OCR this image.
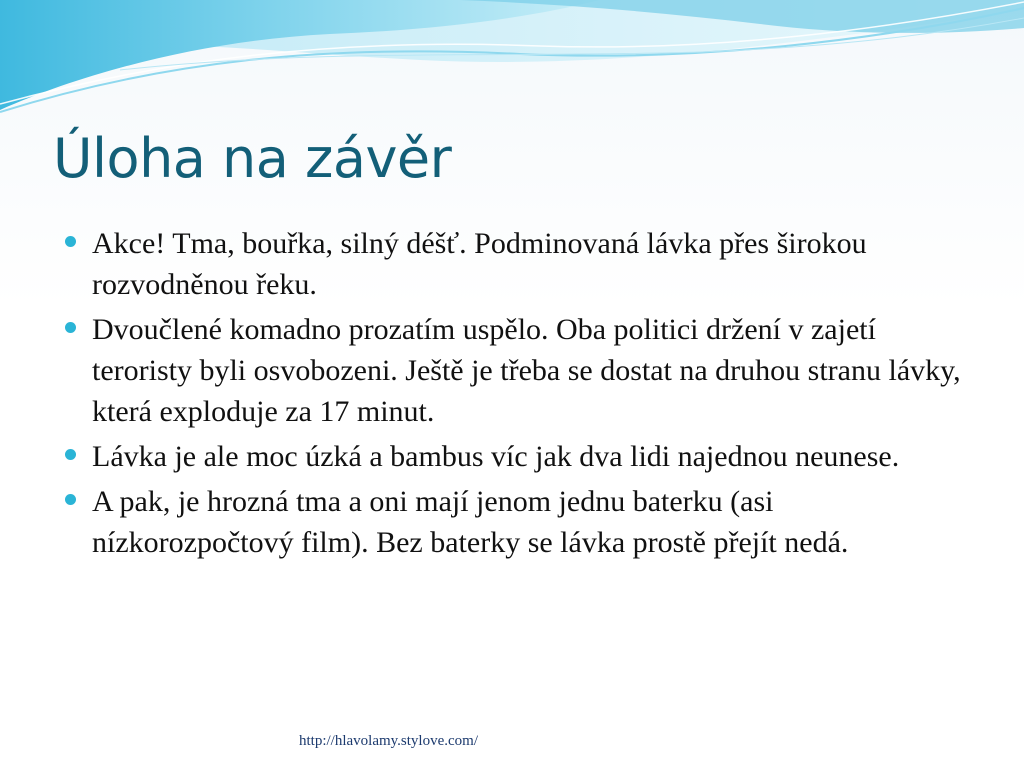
Úloha na závěr
Akce! Tma, bouřka, silný déšť. Podminovaná lávka přes širokou rozvodněnou řeku.
Dvoučlené komadno prozatím uspělo. Oba politici držení v zajetí teroristy byli osvobozeni. Ještě je třeba se dostat na druhou stranu lávky, která exploduje za 17 minut.
Lávka je ale moc úzká a bambus víc jak dva lidi najednou neunese.
A pak, je hrozná tma a oni mají jenom jednu baterku (asi nízkorozpočtový film). Bez baterky se lávka prostě přejít nedá.
http://hlavolamy.stylove.com/
